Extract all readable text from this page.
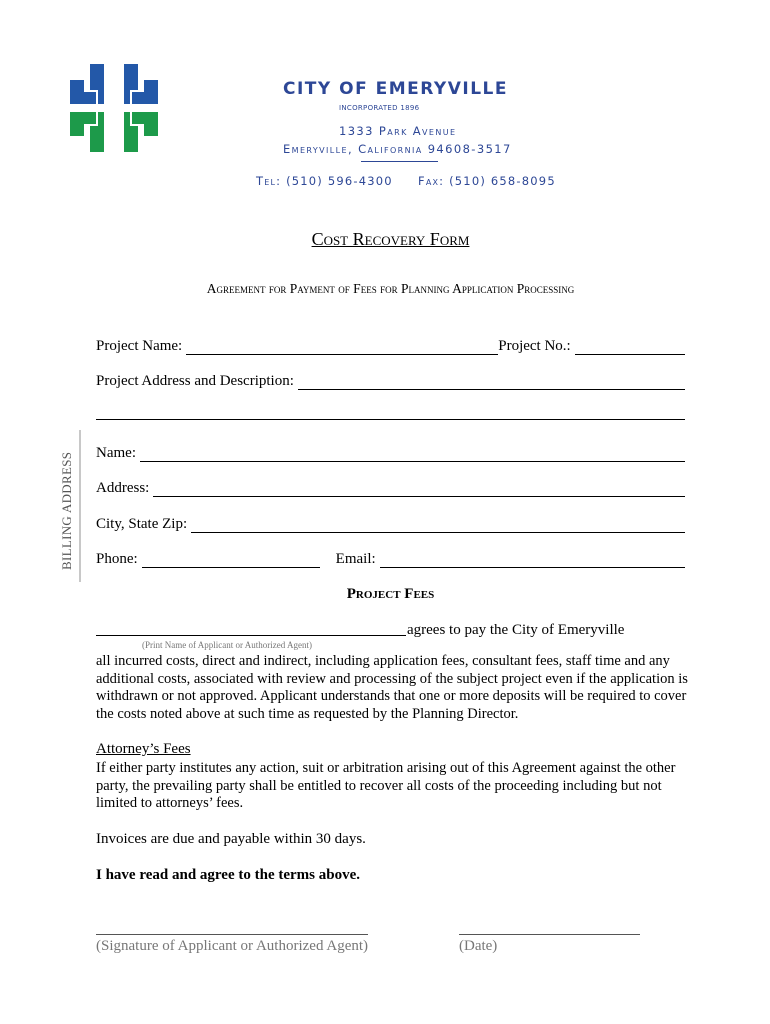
CITY OF EMERYVILLE
INCORPORATED 1896
1333 Park Avenue
Emeryville, California 94608-3517
Tel: (510) 596-4300 Fax: (510) 658-8095
Cost Recovery Form
Agreement for Payment of Fees for Planning Application Processing
Project Name:	Project No.:
Project Address and Description:
BILLING ADDRESS Name:
Address:
City, State Zip:
Phone:	Email:
Project Fees
agrees to pay the City of Emeryville
(Print Name of Applicant or Authorized Agent)
all incurred costs, direct and indirect, including application fees, consultant fees, staff time and any additional costs, associated with review and processing of the subject project even if the application is withdrawn or not approved. Applicant understands that one or more deposits will be required to cover the costs noted above at such time as requested by the Planning Director.
Attorney’s Fees
If either party institutes any action, suit or arbitration arising out of this Agreement against the other party, the prevailing party shall be entitled to recover all costs of the proceeding including but not limited to attorneys’ fees.
Invoices are due and payable within 30 days.
I have read and agree to the terms above.
(Signature of Applicant or Authorized Agent)	(Date)
